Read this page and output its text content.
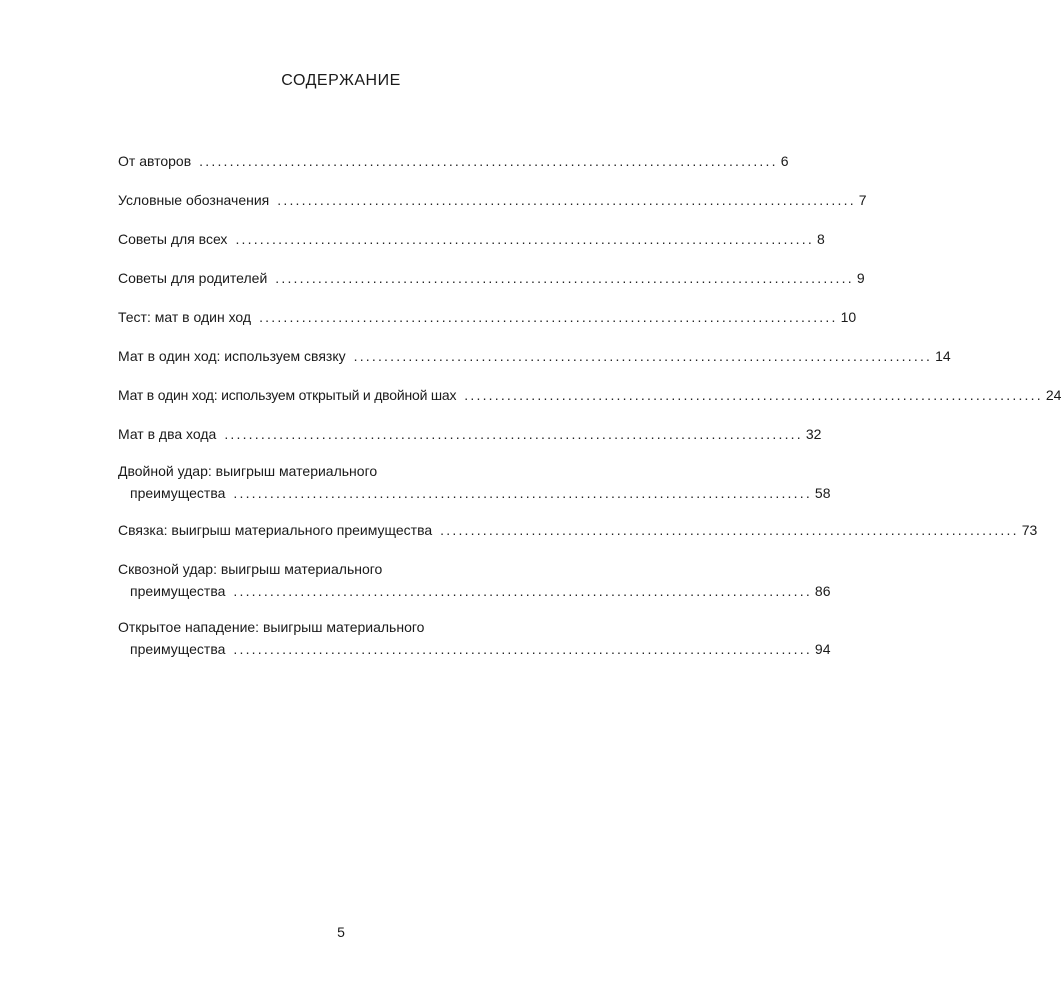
СОДЕРЖАНИЕ
От авторов ............................................................................................... 6
Условные обозначения ............................................................................................... 7
Советы для всех ............................................................................................... 8
Советы для родителей ............................................................................................... 9
Тест: мат в один ход ............................................................................................... 10
Мат в один ход: используем связку ............................................................................................... 14
Мат в один ход: используем открытый и двойной шах ............................................................................................... 24
Мат в два хода ............................................................................................... 32
Двойной удар: выигрыш материального
преимущества ............................................................................................... 58
Связка: выигрыш материального преимущества ............................................................................................... 73
Сквозной удар: выигрыш материального
преимущества ............................................................................................... 86
Открытое нападение: выигрыш материального
преимущества ............................................................................................... 94
5
